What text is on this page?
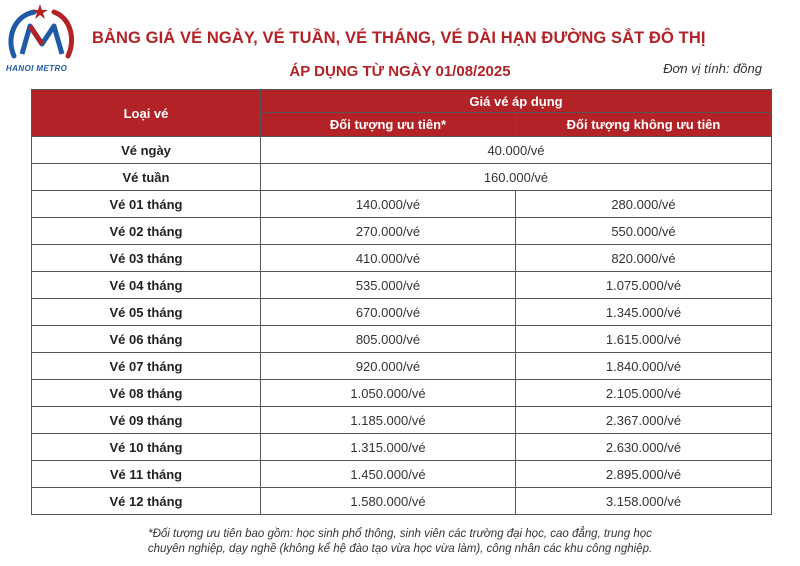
HANOI METRO
BẢNG GIÁ VÉ NGÀY, VÉ TUẦN, VÉ THÁNG, VÉ DÀI HẠN ĐƯỜNG SẮT ĐÔ THỊ
ÁP DỤNG TỪ NGÀY 01/08/2025	Đơn vị tính: đồng
Loại vé	Giá vé áp dụng	
	Đối tượng ưu tiên*	Đối tượng không ưu tiên
Vé ngày	40.000/vé	
Vé tuần	160.000/vé	
Vé 01 tháng	140.000/vé	280.000/vé
Vé 02 tháng	270.000/vé	550.000/vé
Vé 03 tháng	410.000/vé	820.000/vé
Vé 04 tháng	535.000/vé	1.075.000/vé
Vé 05 tháng	670.000/vé	1.345.000/vé
Vé 06 tháng	805.000/vé	1.615.000/vé
Vé 07 tháng	920.000/vé	1.840.000/vé
Vé 08 tháng	1.050.000/vé	2.105.000/vé
Vé 09 tháng	1.185.000/vé	2.367.000/vé
Vé 10 tháng	1.315.000/vé	2.630.000/vé
Vé 11 tháng	1.450.000/vé	2.895.000/vé
Vé 12 tháng	1.580.000/vé	3.158.000/vé
*Đối tượng ưu tiên bao gồm: học sinh phổ thông, sinh viên các trường đại học, cao đẳng, trung học
chuyên nghiệp, dạy nghề (không kể hệ đào tạo vừa học vừa làm), công nhân các khu công nghiệp.
